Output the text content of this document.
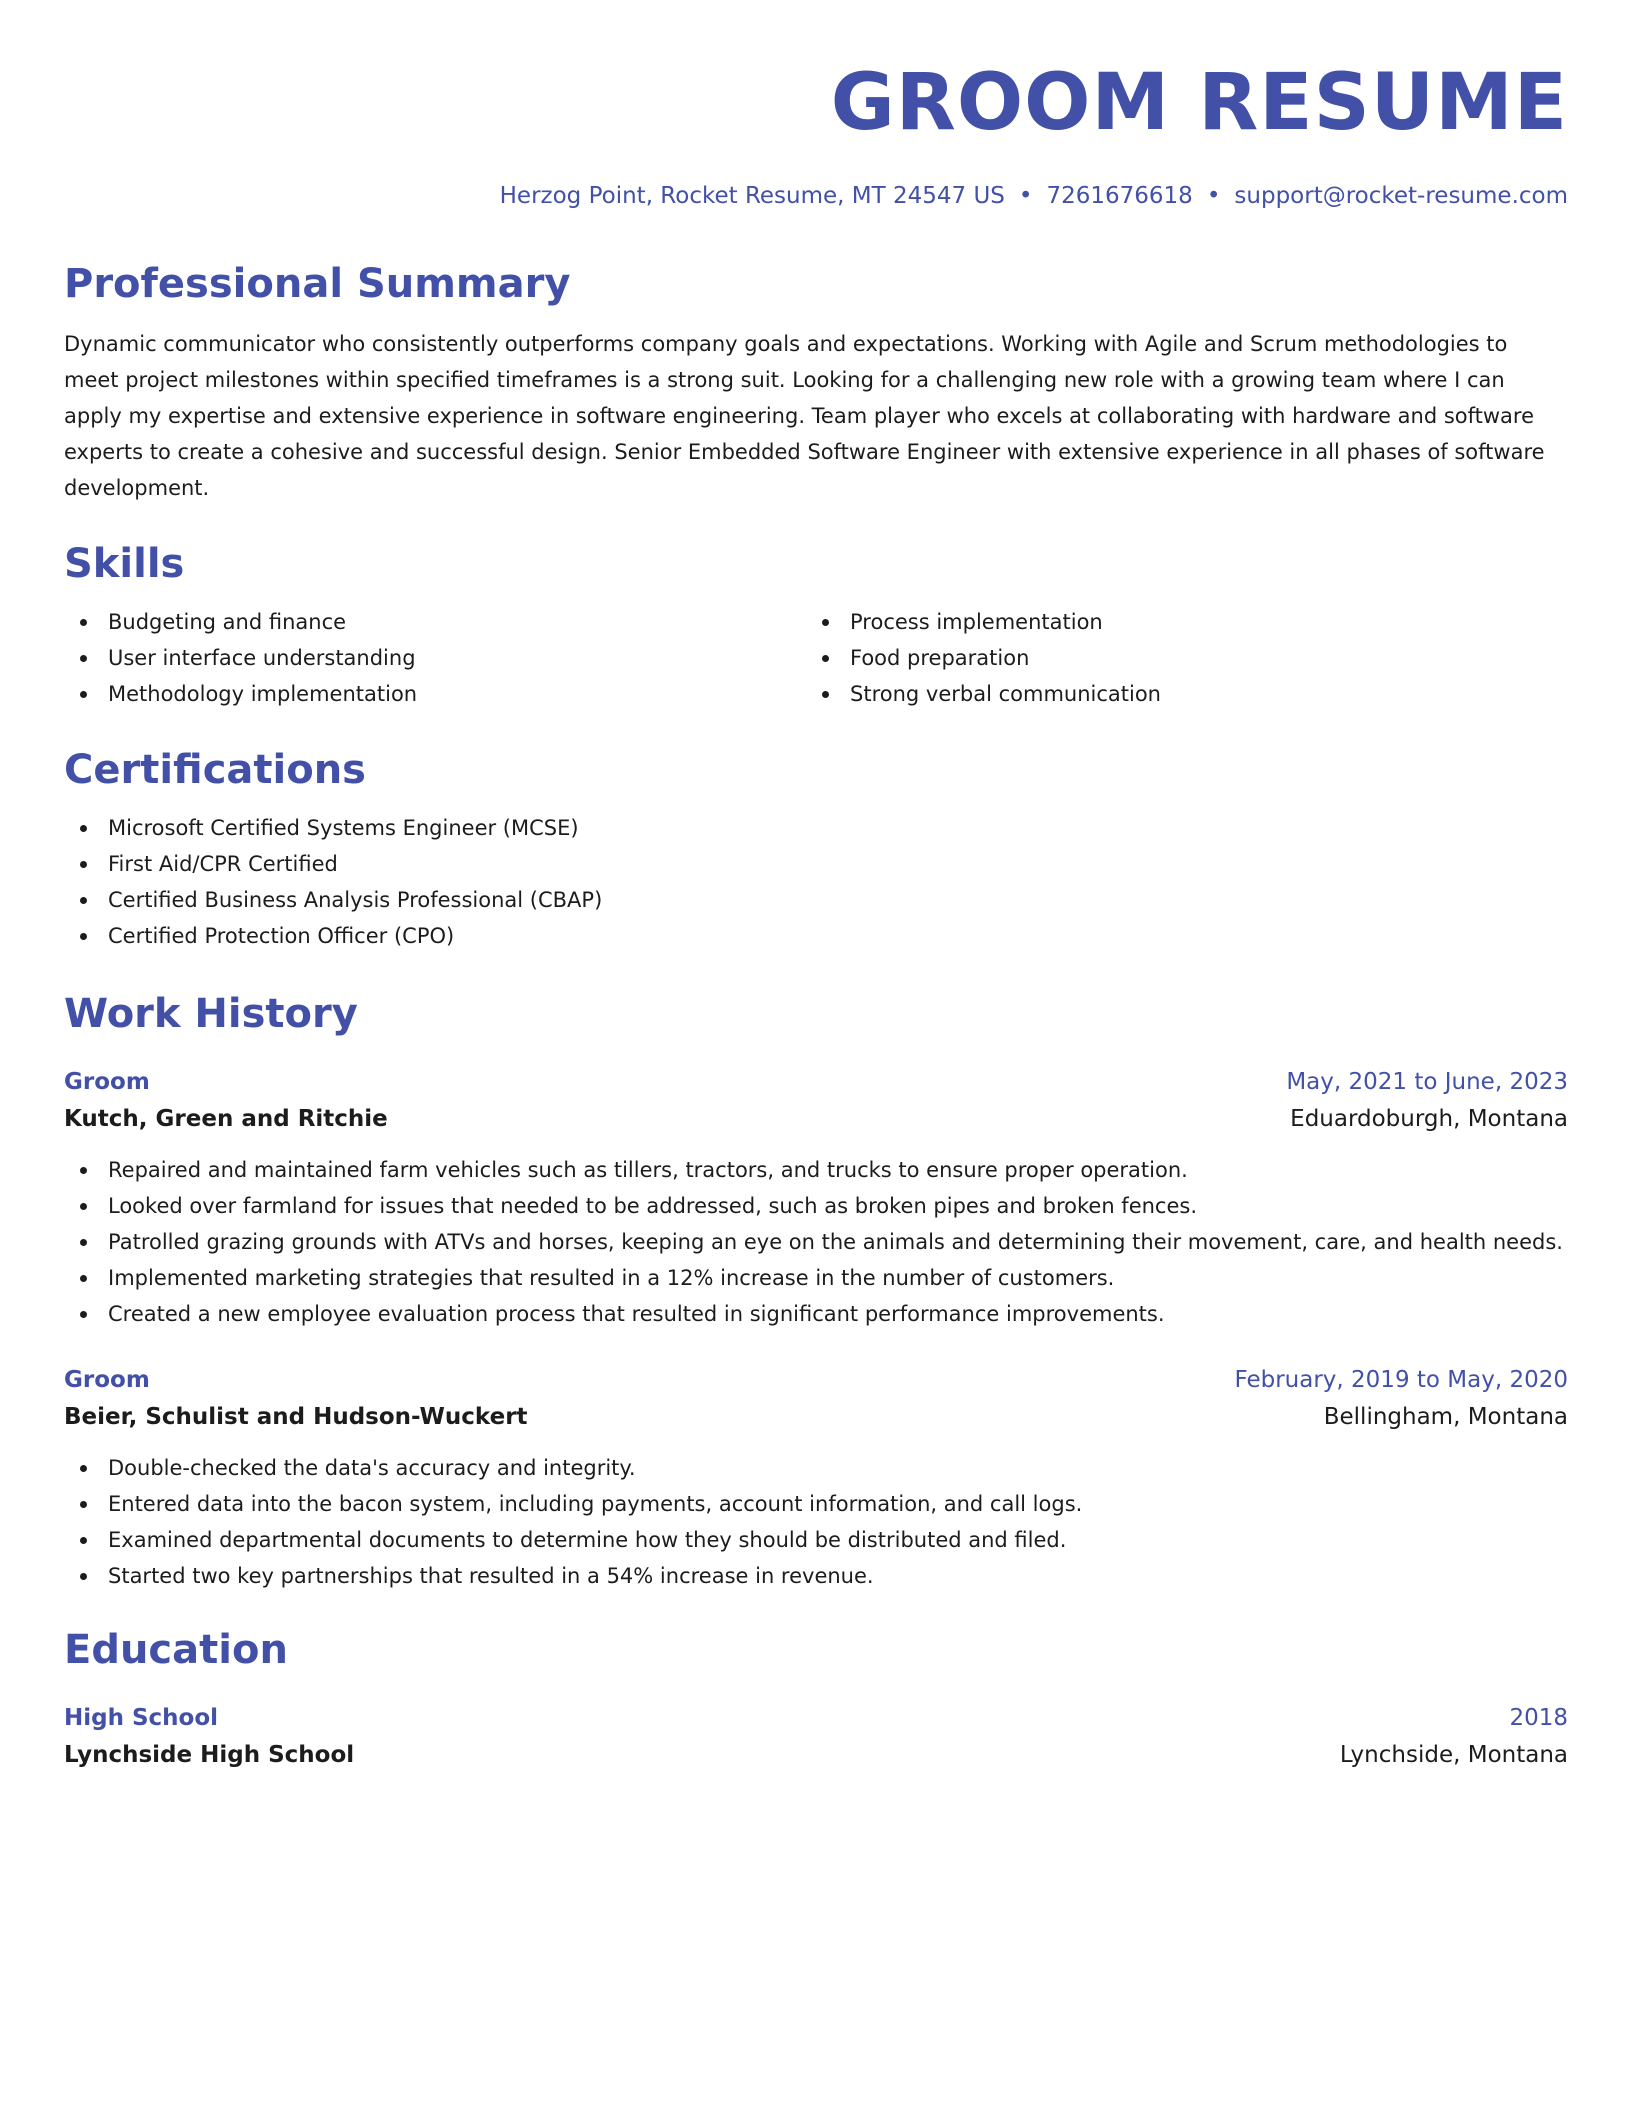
GROOM RESUME
Herzog Point, Rocket Resume, MT 24547 US • 7261676618 • support@rocket-resume.com
Professional Summary
Dynamic communicator who consistently outperforms company goals and expectations. Working with Agile and Scrum methodologies to meet project milestones within specified timeframes is a strong suit. Looking for a challenging new role with a growing team where I can apply my expertise and extensive experience in software engineering. Team player who excels at collaborating with hardware and software experts to create a cohesive and successful design. Senior Embedded Software Engineer with extensive experience in all phases of software development.
Skills
Budgeting and finance
User interface understanding
Methodology implementation
Process implementation
Food preparation
Strong verbal communication
Certifications
Microsoft Certified Systems Engineer (MCSE)
First Aid/CPR Certified
Certified Business Analysis Professional (CBAP)
Certified Protection Officer (CPO)
Work History
Groom	May, 2021 to June, 2023
Kutch, Green and Ritchie	Eduardoburgh, Montana
Repaired and maintained farm vehicles such as tillers, tractors, and trucks to ensure proper operation.
Looked over farmland for issues that needed to be addressed, such as broken pipes and broken fences.
Patrolled grazing grounds with ATVs and horses, keeping an eye on the animals and determining their movement, care, and health needs.
Implemented marketing strategies that resulted in a 12% increase in the number of customers.
Created a new employee evaluation process that resulted in significant performance improvements.
Groom	February, 2019 to May, 2020
Beier, Schulist and Hudson-Wuckert	Bellingham, Montana
Double-checked the data's accuracy and integrity.
Entered data into the bacon system, including payments, account information, and call logs.
Examined departmental documents to determine how they should be distributed and filed.
Started two key partnerships that resulted in a 54% increase in revenue.
Education
High School	2018
Lynchside High School	Lynchside, Montana
